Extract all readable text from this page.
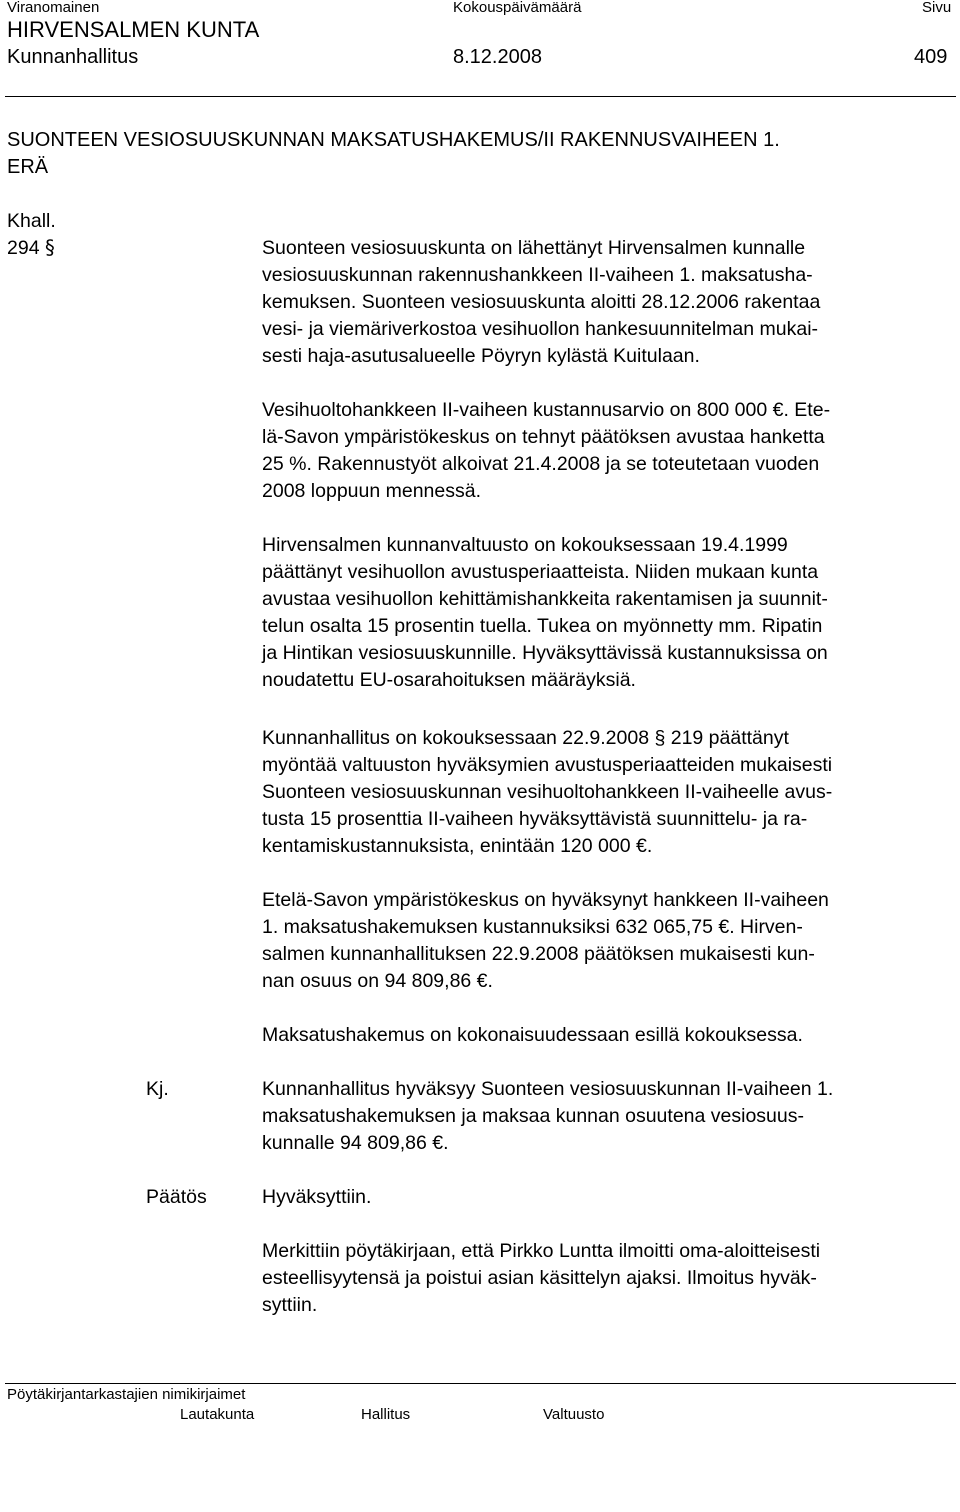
Viranomainen	Kokouspäivämäärä	Sivu
HIRVENSALMEN KUNTA
Kunnanhallitus	8.12.2008	409
SUONTEEN VESIOSUUSKUNNAN MAKSATUSHAKEMUS/II RAKENNUSVAIHEEN 1.
ERÄ
Khall.
294 §	Suonteen vesiosuuskunta on lähettänyt Hirvensalmen kunnalle
vesiosuuskunnan rakennushankkeen II-vaiheen 1. maksatusha-
kemuksen. Suonteen vesiosuuskunta aloitti 28.12.2006 rakentaa
vesi- ja viemäriverkostoa vesihuollon hankesuunnitelman mukai-
sesti haja-asutusalueelle Pöyryn kylästä Kuitulaan.
Vesihuoltohankkeen II-vaiheen kustannusarvio on 800 000 €. Ete-
lä-Savon ympäristökeskus on tehnyt päätöksen avustaa hanketta
25 %. Rakennustyöt alkoivat 21.4.2008 ja se toteutetaan vuoden
2008 loppuun mennessä.
Hirvensalmen kunnanvaltuusto on kokouksessaan 19.4.1999
päättänyt vesihuollon avustusperiaatteista. Niiden mukaan kunta
avustaa vesihuollon kehittämishankkeita rakentamisen ja suunnit-
telun osalta 15 prosentin tuella. Tukea on myönnetty mm. Ripatin
ja Hintikan vesiosuuskunnille. Hyväksyttävissä kustannuksissa on
noudatettu EU-osarahoituksen määräyksiä.
Kunnanhallitus on kokouksessaan 22.9.2008 § 219 päättänyt
myöntää valtuuston hyväksymien avustusperiaatteiden mukaisesti
Suonteen vesiosuuskunnan vesihuoltohankkeen II-vaiheelle avus-
tusta 15 prosenttia II-vaiheen hyväksyttävistä suunnittelu- ja ra-
kentamiskustannuksista, enintään 120 000 €.
Etelä-Savon ympäristökeskus on hyväksynyt hankkeen II-vaiheen
1. maksatushakemuksen kustannuksiksi 632 065,75 €. Hirven-
salmen kunnanhallituksen 22.9.2008 päätöksen mukaisesti kun-
nan osuus on 94 809,86 €.
Maksatushakemus on kokonaisuudessaan esillä kokouksessa.
Kj.	Kunnanhallitus hyväksyy Suonteen vesiosuuskunnan II-vaiheen 1.
maksatushakemuksen ja maksaa kunnan osuutena vesiosuus-
kunnalle 94 809,86 €.
Päätös	Hyväksyttiin.
Merkittiin pöytäkirjaan, että Pirkko Luntta ilmoitti oma-aloitteisesti
esteellisyytensä ja poistui asian käsittelyn ajaksi. Ilmoitus hyväk-
syttiin.
Pöytäkirjantarkastajien nimikirjaimet
Lautakunta	Hallitus	Valtuusto
